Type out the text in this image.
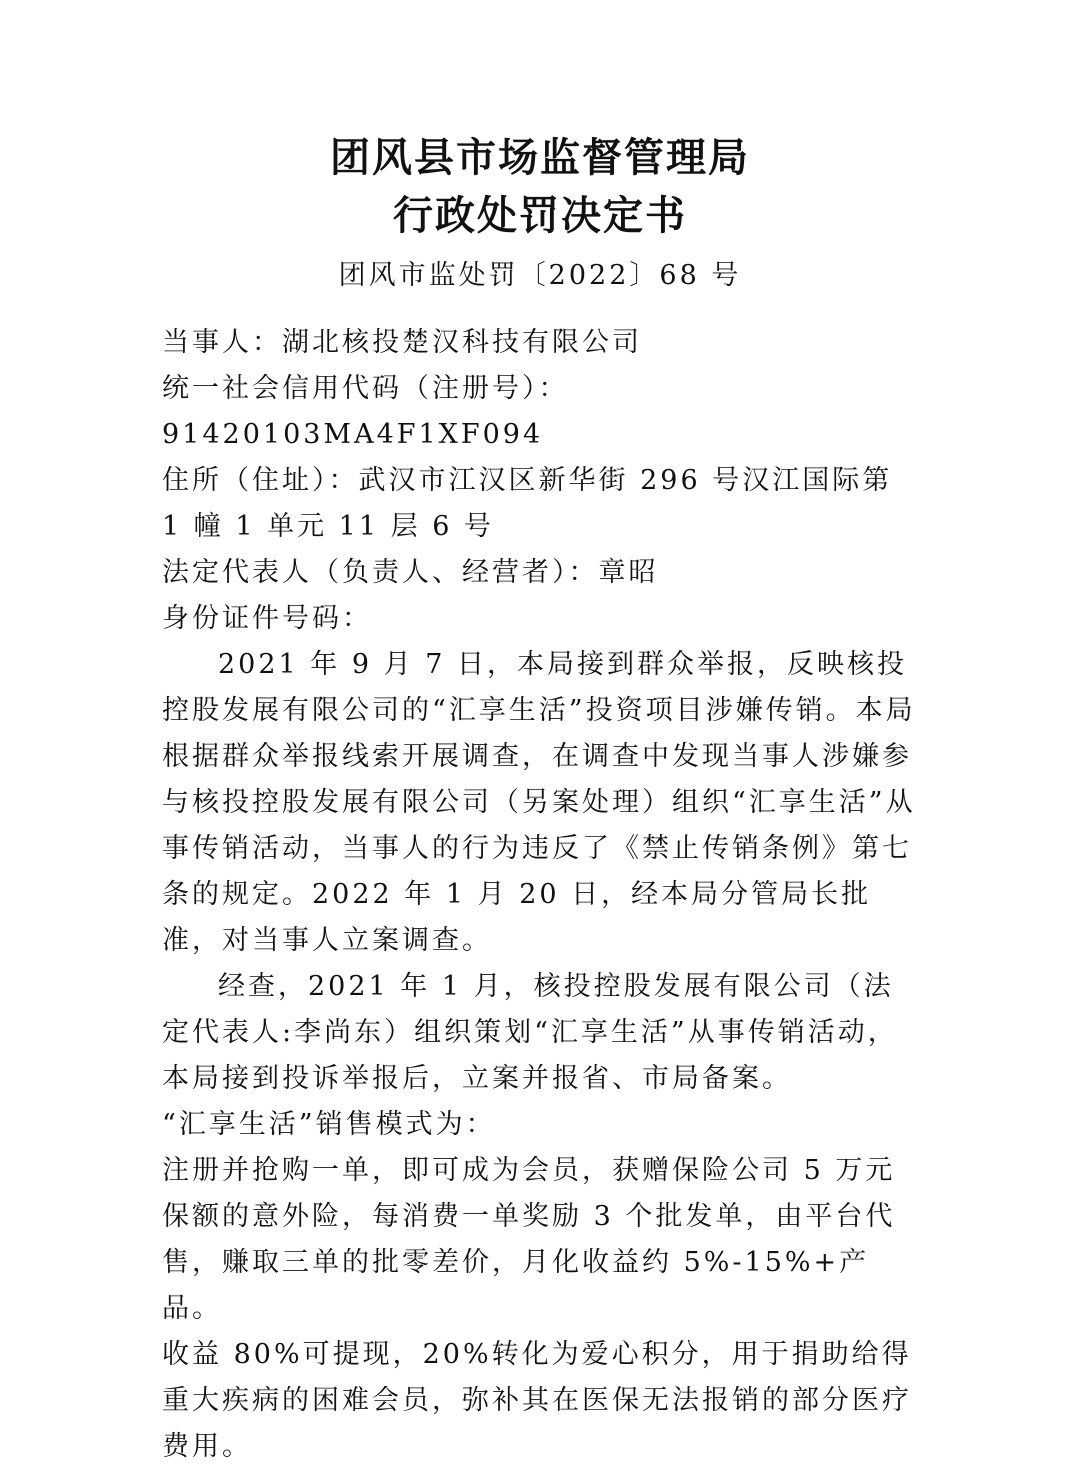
团风县市场监督管理局
行政处罚决定书
团风市监处罚〔2022〕68 号

当事人：湖北核投楚汉科技有限公司

统一社会信用代码（注册号）：91420103MA4F1XF094

住所（住址）：武汉市江汉区新华街 296 号汉江国际第 1 幢 1 单元 11 层 6 号

法定代表人（负责人、经营者）：章昭

身份证件号码：

2021 年 9 月 7 日，本局接到群众举报，反映核投控股发展有限公司的“汇享生活”投资项目涉嫌传销。本局根据群众举报线索开展调查，在调查中发现当事人涉嫌参与核投控股发展有限公司（另案处理）组织“汇享生活”从事传销活动，当事人的行为违反了《禁止传销条例》第七条的规定。2022 年 1 月 20 日，经本局分管局长批准，对当事人立案调查。

经查，2021 年 1 月，核投控股发展有限公司（法定代表人:李尚东）组织策划“汇享生活”从事传销活动，本局接到投诉举报后，立案并报省、市局备案。

“汇享生活”销售模式为：

注册并抢购一单，即可成为会员，获赠保险公司 5 万元保额的意外险，每消费一单奖励 3 个批发单，由平台代售，赚取三单的批零差价，月化收益约 5%-15%+产品。

收益 80%可提现，20%转化为爱心积分，用于捐助给得重大疾病的困难会员，弥补其在医保无法报销的部分医疗费用。
